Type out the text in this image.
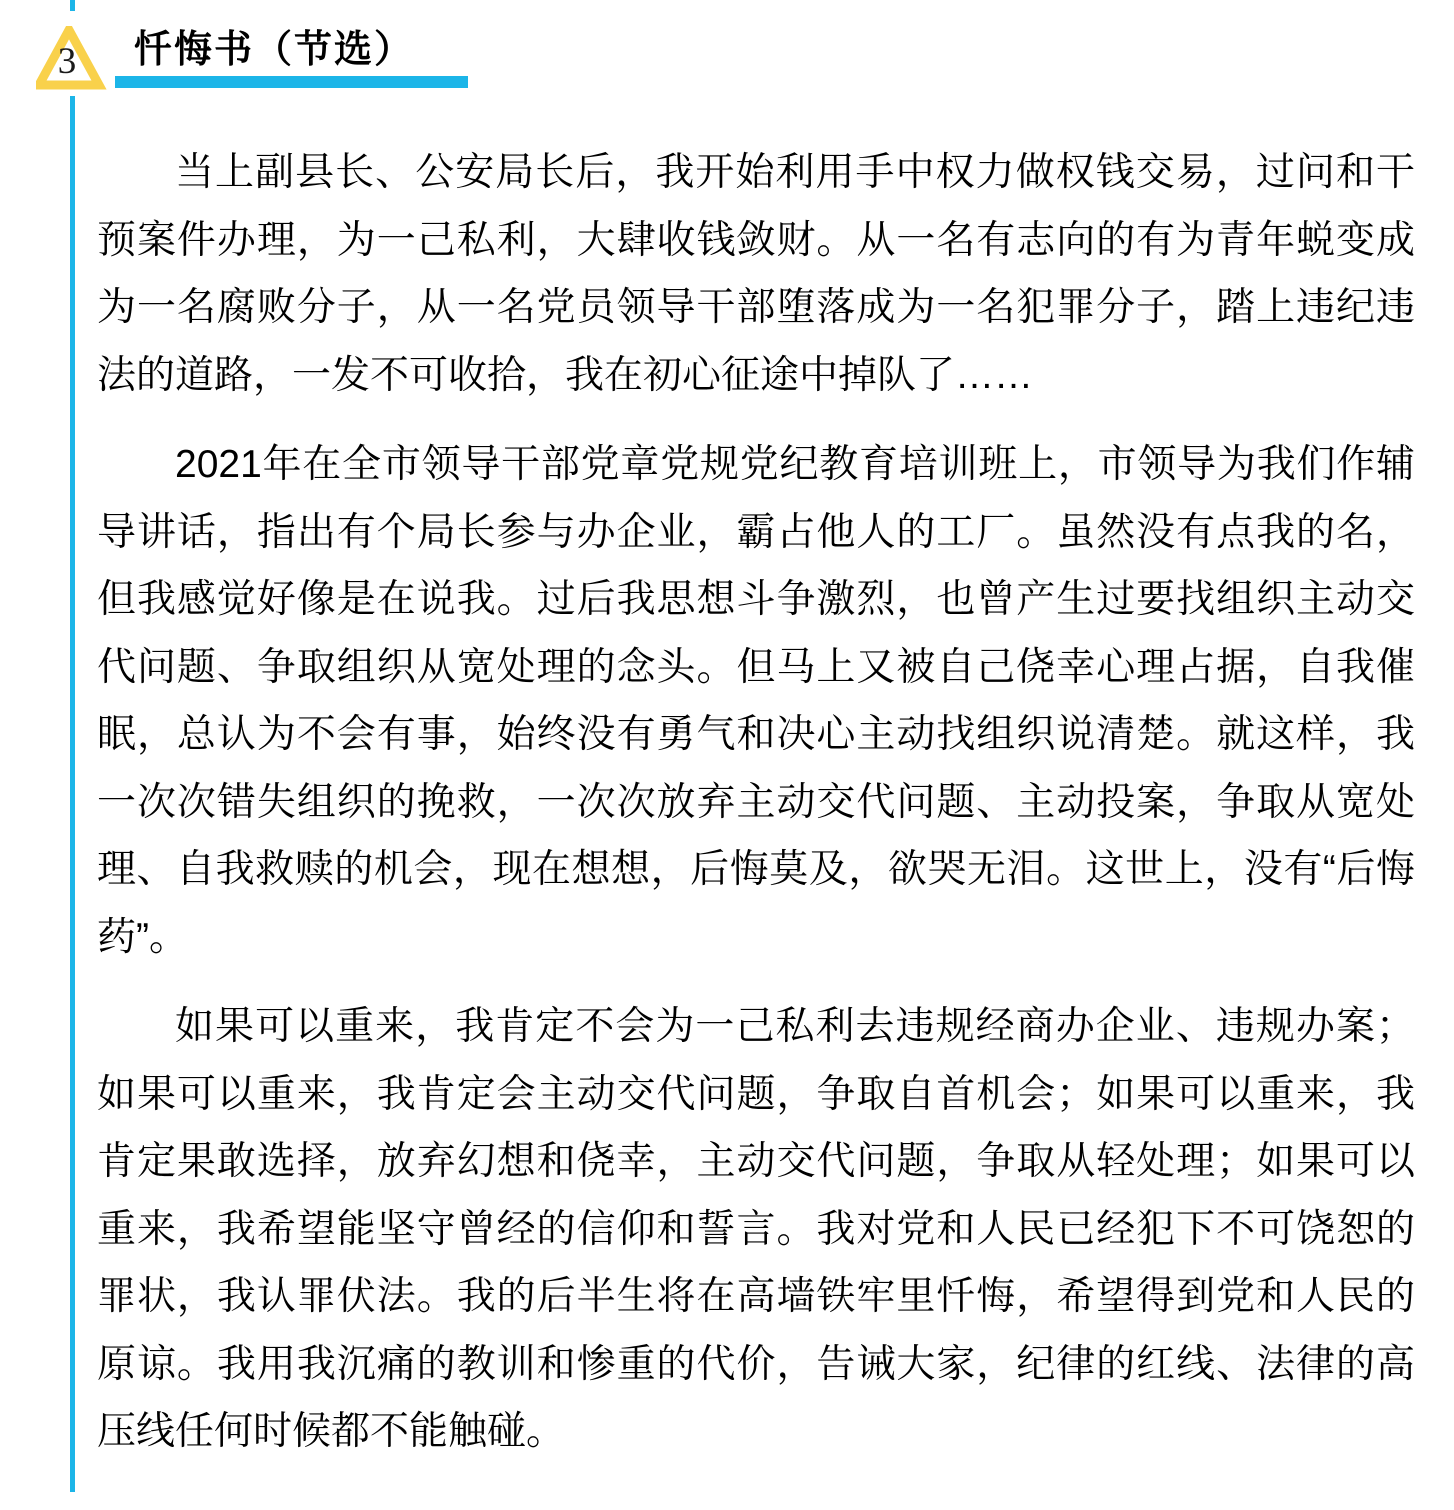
3	忏悔书（节选）

当上副县长、公安局长后，我开始利用手中权力做权钱交易，过问和干预案件办理，为一己私利，大肆收钱敛财。从一名有志向的有为青年蜕变成为一名腐败分子，从一名党员领导干部堕落成为一名犯罪分子，踏上违纪违法的道路，一发不可收拾，我在初心征途中掉队了……

2021年在全市领导干部党章党规党纪教育培训班上，市领导为我们作辅导讲话，指出有个局长参与办企业，霸占他人的工厂。虽然没有点我的名，但我感觉好像是在说我。过后我思想斗争激烈，也曾产生过要找组织主动交代问题、争取组织从宽处理的念头。但马上又被自己侥幸心理占据，自我催眠，总认为不会有事，始终没有勇气和决心主动找组织说清楚。就这样，我一次次错失组织的挽救，一次次放弃主动交代问题、主动投案，争取从宽处理、自我救赎的机会，现在想想，后悔莫及，欲哭无泪。这世上，没有“后悔药”。

如果可以重来，我肯定不会为一己私利去违规经商办企业、违规办案；如果可以重来，我肯定会主动交代问题，争取自首机会；如果可以重来，我肯定果敢选择，放弃幻想和侥幸，主动交代问题，争取从轻处理；如果可以重来，我希望能坚守曾经的信仰和誓言。我对党和人民已经犯下不可饶恕的罪状，我认罪伏法。我的后半生将在高墙铁牢里忏悔，希望得到党和人民的原谅。我用我沉痛的教训和惨重的代价，告诫大家，纪律的红线、法律的高压线任何时候都不能触碰。
